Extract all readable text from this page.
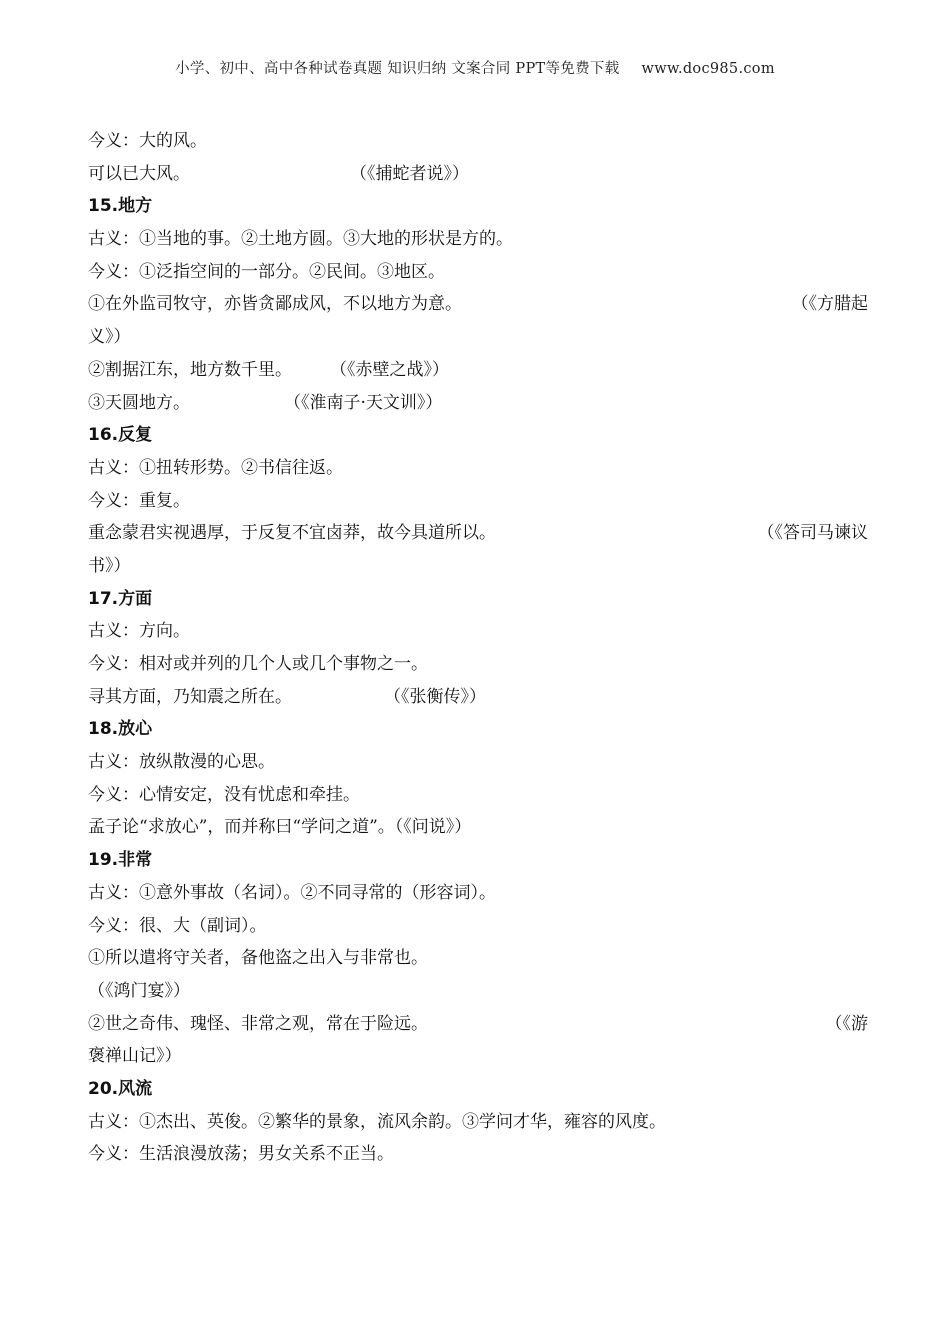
小学、初中、高中各种试卷真题 知识归纳 文案合同 PPT等免费下载 www.doc985.com
今义：大的风。
可以已大风。	（《捕蛇者说》）
15.地方
古义：①当地的事。②土地方圆。③大地的形状是方的。
今义：①泛指空间的一部分。②民间。③地区。
①在外监司牧守，亦皆贪鄙成风，不以地方为意。	（《方腊起
义》）
②割据江东，地方数千里。 （《赤壁之战》）
③天圆地方。	（《淮南子·天文训》）
16.反复
古义：①扭转形势。②书信往返。
今义：重复。
重念蒙君实视遇厚，于反复不宜卤莽，故今具道所以。	（《答司马谏议
书》）
17.方面
古义：方向。
今义：相对或并列的几个人或几个事物之一。
寻其方面，乃知震之所在。	（《张衡传》）
18.放心
古义：放纵散漫的心思。
今义：心情安定，没有忧虑和牵挂。
孟子论“求放心”，而并称曰“学问之道”。（《问说》）
19.非常
古义：①意外事故（名词）。②不同寻常的（形容词）。
今义：很、大（副词）。
①所以遣将守关者，备他盗之出入与非常也。
（《鸿门宴》）
②世之奇伟、瑰怪、非常之观，常在于险远。	（《游
褒禅山记》）
20.风流
古义：①杰出、英俊。②繁华的景象，流风余韵。③学问才华，雍容的风度。
今义：生活浪漫放荡；男女关系不正当。
